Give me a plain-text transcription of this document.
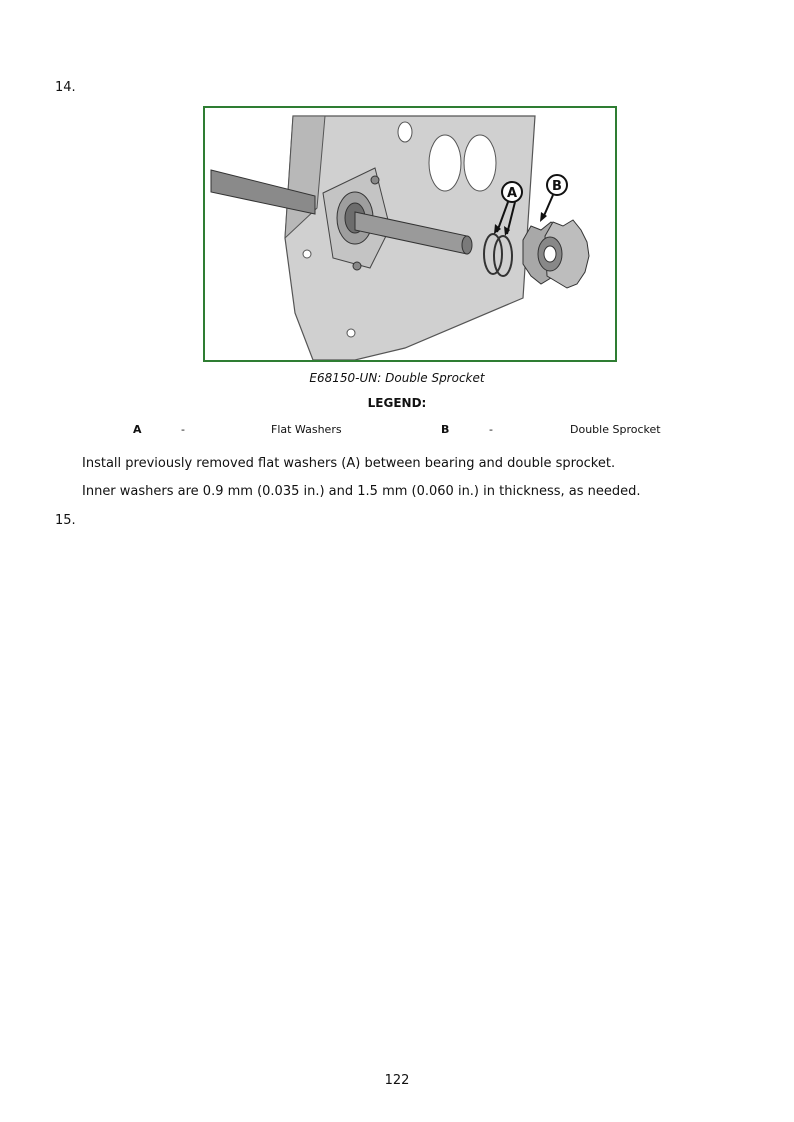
14.
A	B
E68150-UN: Double Sprocket
LEGEND:
A	-	Flat Washers	B	-	Double Sprocket
Install previously removed flat washers (A) between bearing and double sprocket.
Inner washers are 0.9 mm (0.035 in.) and 1.5 mm (0.060 in.) in thickness, as needed.
15.
122
